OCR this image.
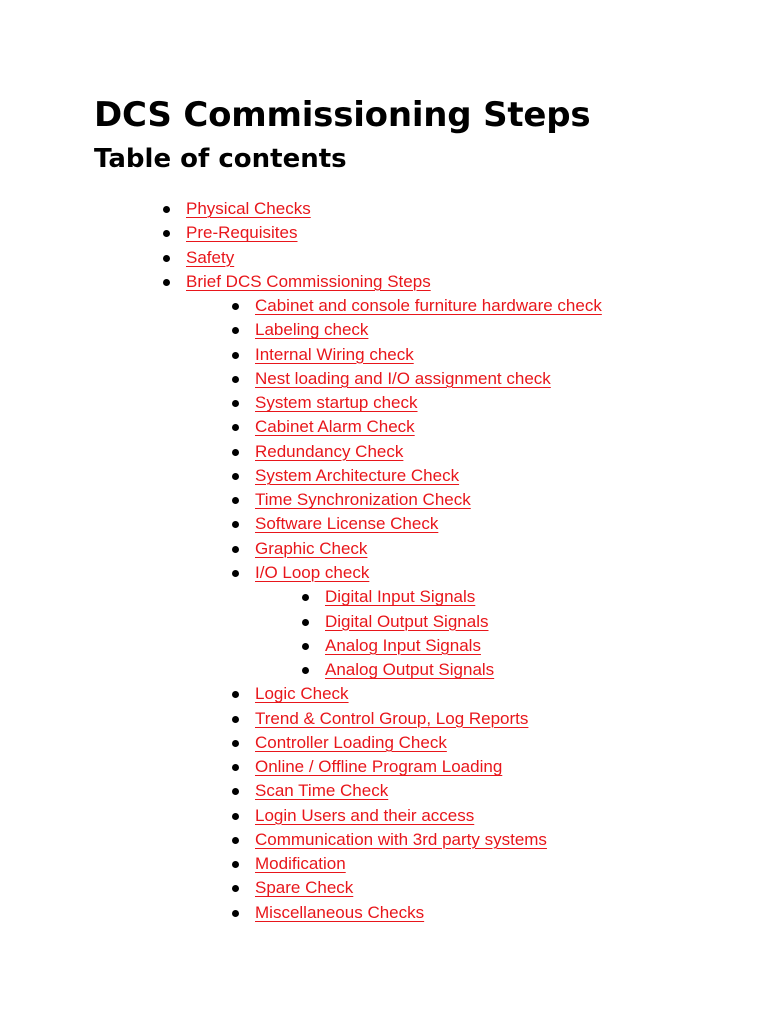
DCS Commissioning Steps
Table of contents
Physical Checks
Pre-Requisites
Safety
Brief DCS Commissioning Steps
Cabinet and console furniture hardware check
Labeling check
Internal Wiring check
Nest loading and I/O assignment check
System startup check
Cabinet Alarm Check
Redundancy Check
System Architecture Check
Time Synchronization Check
Software License Check
Graphic Check
I/O Loop check
Digital Input Signals
Digital Output Signals
Analog Input Signals
Analog Output Signals
Logic Check
Trend & Control Group, Log Reports
Controller Loading Check
Online / Offline Program Loading
Scan Time Check
Login Users and their access
Communication with 3rd party systems
Modification
Spare Check
Miscellaneous Checks
